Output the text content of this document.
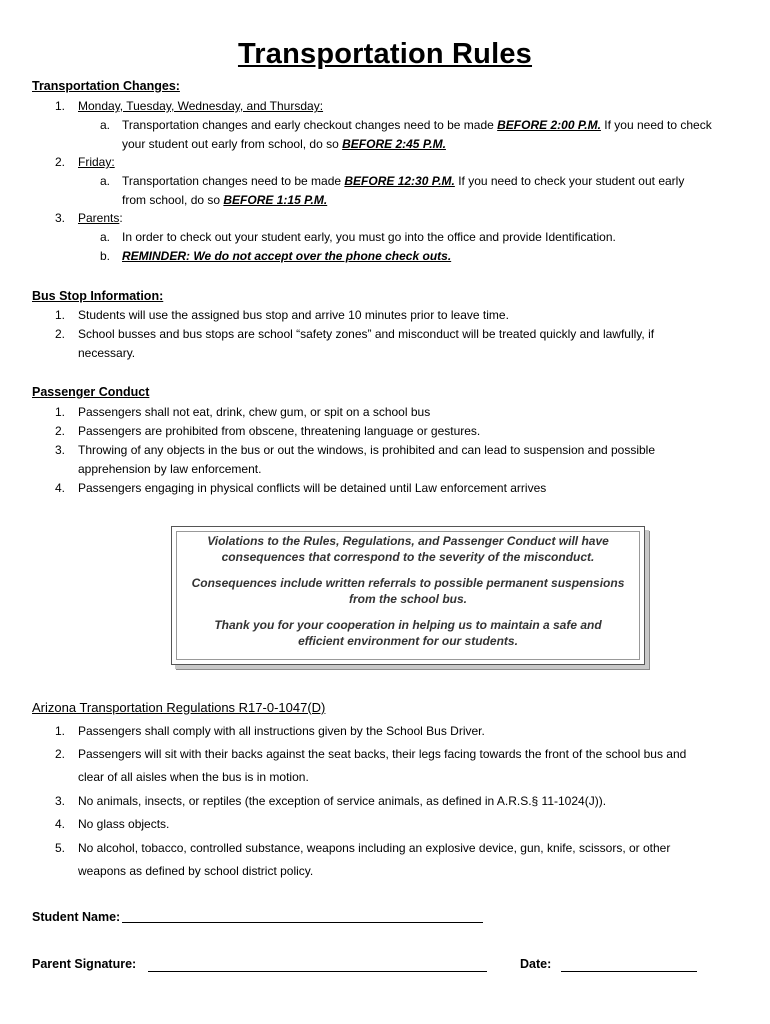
Transportation Rules
Transportation Changes:
1. Monday, Tuesday, Wednesday, and Thursday:
a. Transportation changes and early checkout changes need to be made BEFORE 2:00 P.M. If you need to check
your student out early from school, do so BEFORE 2:45 P.M.
2. Friday:
a. Transportation changes need to be made BEFORE 12:30 P.M. If you need to check your student out early
from school, do so BEFORE 1:15 P.M.
3. Parents:
a. In order to check out your student early, you must go into the office and provide Identification.
b. REMINDER: We do not accept over the phone check outs.
Bus Stop Information:
1. Students will use the assigned bus stop and arrive 10 minutes prior to leave time.
2. School busses and bus stops are school “safety zones” and misconduct will be treated quickly and lawfully, if
necessary.
Passenger Conduct
1. Passengers shall not eat, drink, chew gum, or spit on a school bus
2. Passengers are prohibited from obscene, threatening language or gestures.
3. Throwing of any objects in the bus or out the windows, is prohibited and can lead to suspension and possible
apprehension by law enforcement.
4. Passengers engaging in physical conflicts will be detained until Law enforcement arrives

Violations to the Rules, Regulations, and Passenger Conduct will have

consequences that correspond to the severity of the misconduct.

Consequences include written referrals to possible permanent suspensions

from the school bus.

Thank you for your cooperation in helping us to maintain a safe and

efficient environment for our students.

Arizona Transportation Regulations R17-0-1047(D)
1. Passengers shall comply with all instructions given by the School Bus Driver.
2. Passengers will sit with their backs against the seat backs, their legs facing towards the front of the school bus and
clear of all aisles when the bus is in motion.
3. No animals, insects, or reptiles (the exception of service animals, as defined in A.R.S.§ 11-1024(J)).
4. No glass objects.
5. No alcohol, tobacco, controlled substance, weapons including an explosive device, gun, knife, scissors, or other
weapons as defined by school district policy.
Student Name:
Parent Signature:	Date:
